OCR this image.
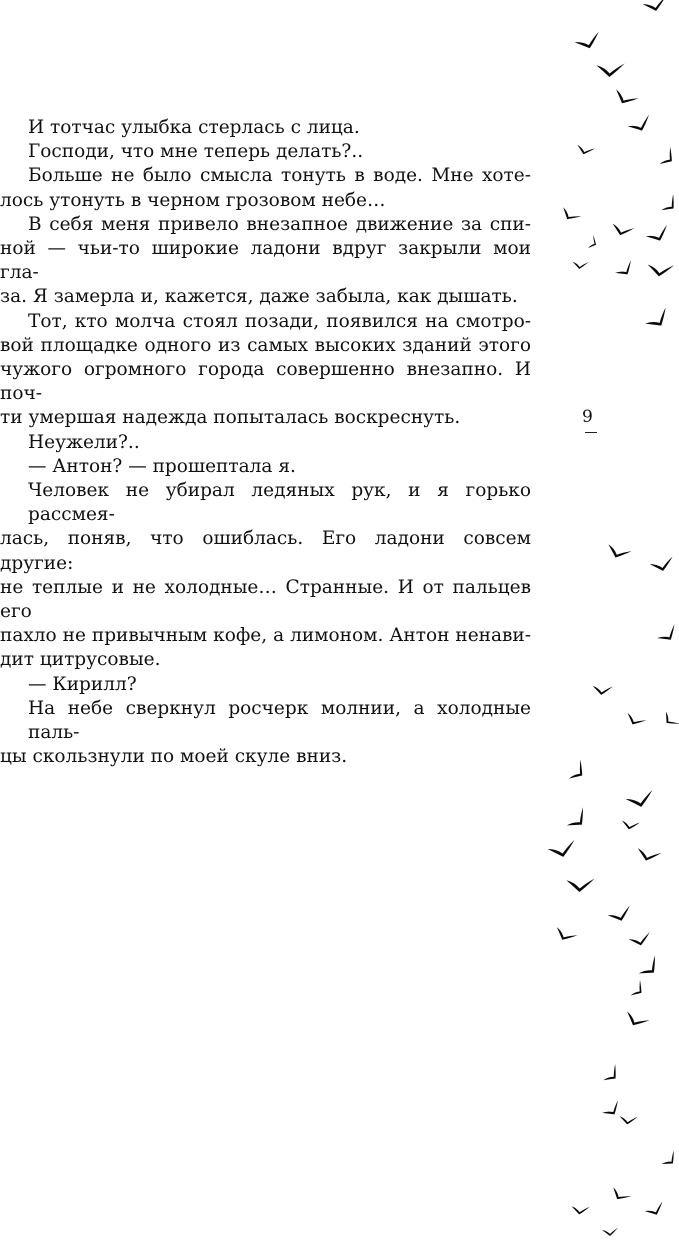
И тотчас улыбка стерлась с лица.
Господи, что мне теперь делать?..
Больше не было смысла тонуть в воде. Мне хоте-
лось утонуть в черном грозовом небе…
В себя меня привело внезапное движение за спи-
ной — чьи-то широкие ладони вдруг закрыли мои гла-
за. Я замерла и, кажется, даже забыла, как дышать.
Тот, кто молча стоял позади, появился на смотро-
вой площадке одного из самых высоких зданий этого
чужого огромного города совершенно внезапно. И поч-
ти умершая надежда попыталась воскреснуть.
Неужели?..
— Антон? — прошептала я.
Человек не убирал ледяных рук, и я горько рассмея-
лась, поняв, что ошиблась. Его ладони совсем другие:
не теплые и не холодные… Странные. И от пальцев его
пахло не привычным кофе, а лимоном. Антон ненави-
дит цитрусовые.
— Кирилл?
На небе сверкнул росчерк молнии, а холодные паль-
цы скользнули по моей скуле вниз.
9
